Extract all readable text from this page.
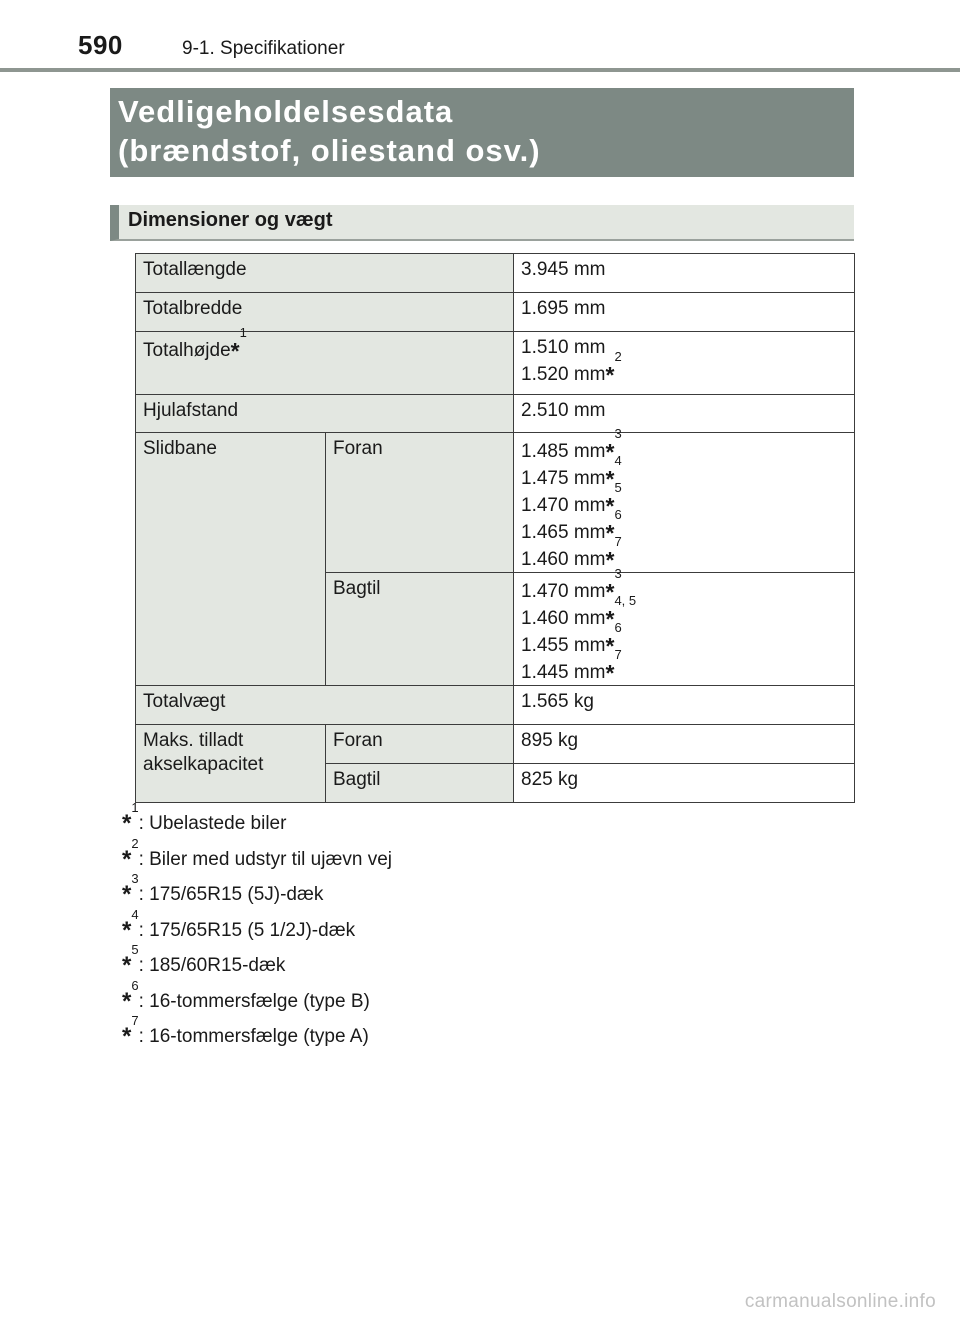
590	9-1. Specifikationer
Vedligeholdelsesdata
(brændstof, oliestand osv.)
Dimensioner og vægt
Totallængde		3.945 mm
Totalbredde		1.695 mm
Totalhøjde*$^1$		1.510 mm
1.520 mm*$^2$

Hjulafstand		2.510 mm
Slidbane	Foran	1.485 mm*$^3$
1.475 mm*$^4$
1.470 mm*$^5$
1.465 mm*$^6$
1.460 mm*$^7$

	Bagtil	1.470 mm*$^3$
1.460 mm*$^{4, 5}$
1.455 mm*$^6$
1.445 mm*$^7$

Totalvægt		1.565 kg

Maks. tilladt
akselkapacitet	Foran	895 kg
	Bagtil	825 kg
*$^1$: Ubelastede biler
*$^2$: Biler med udstyr til ujævn vej
*$^3$: 175/65R15 (5J)-dæk
*$^4$: 175/65R15 (5 1/2J)-dæk
*$^5$: 185/60R15-dæk
*$^6$: 16-tommersfælge (type B)
*$^7$: 16-tommersfælge (type A)
carmanualsonline.info
